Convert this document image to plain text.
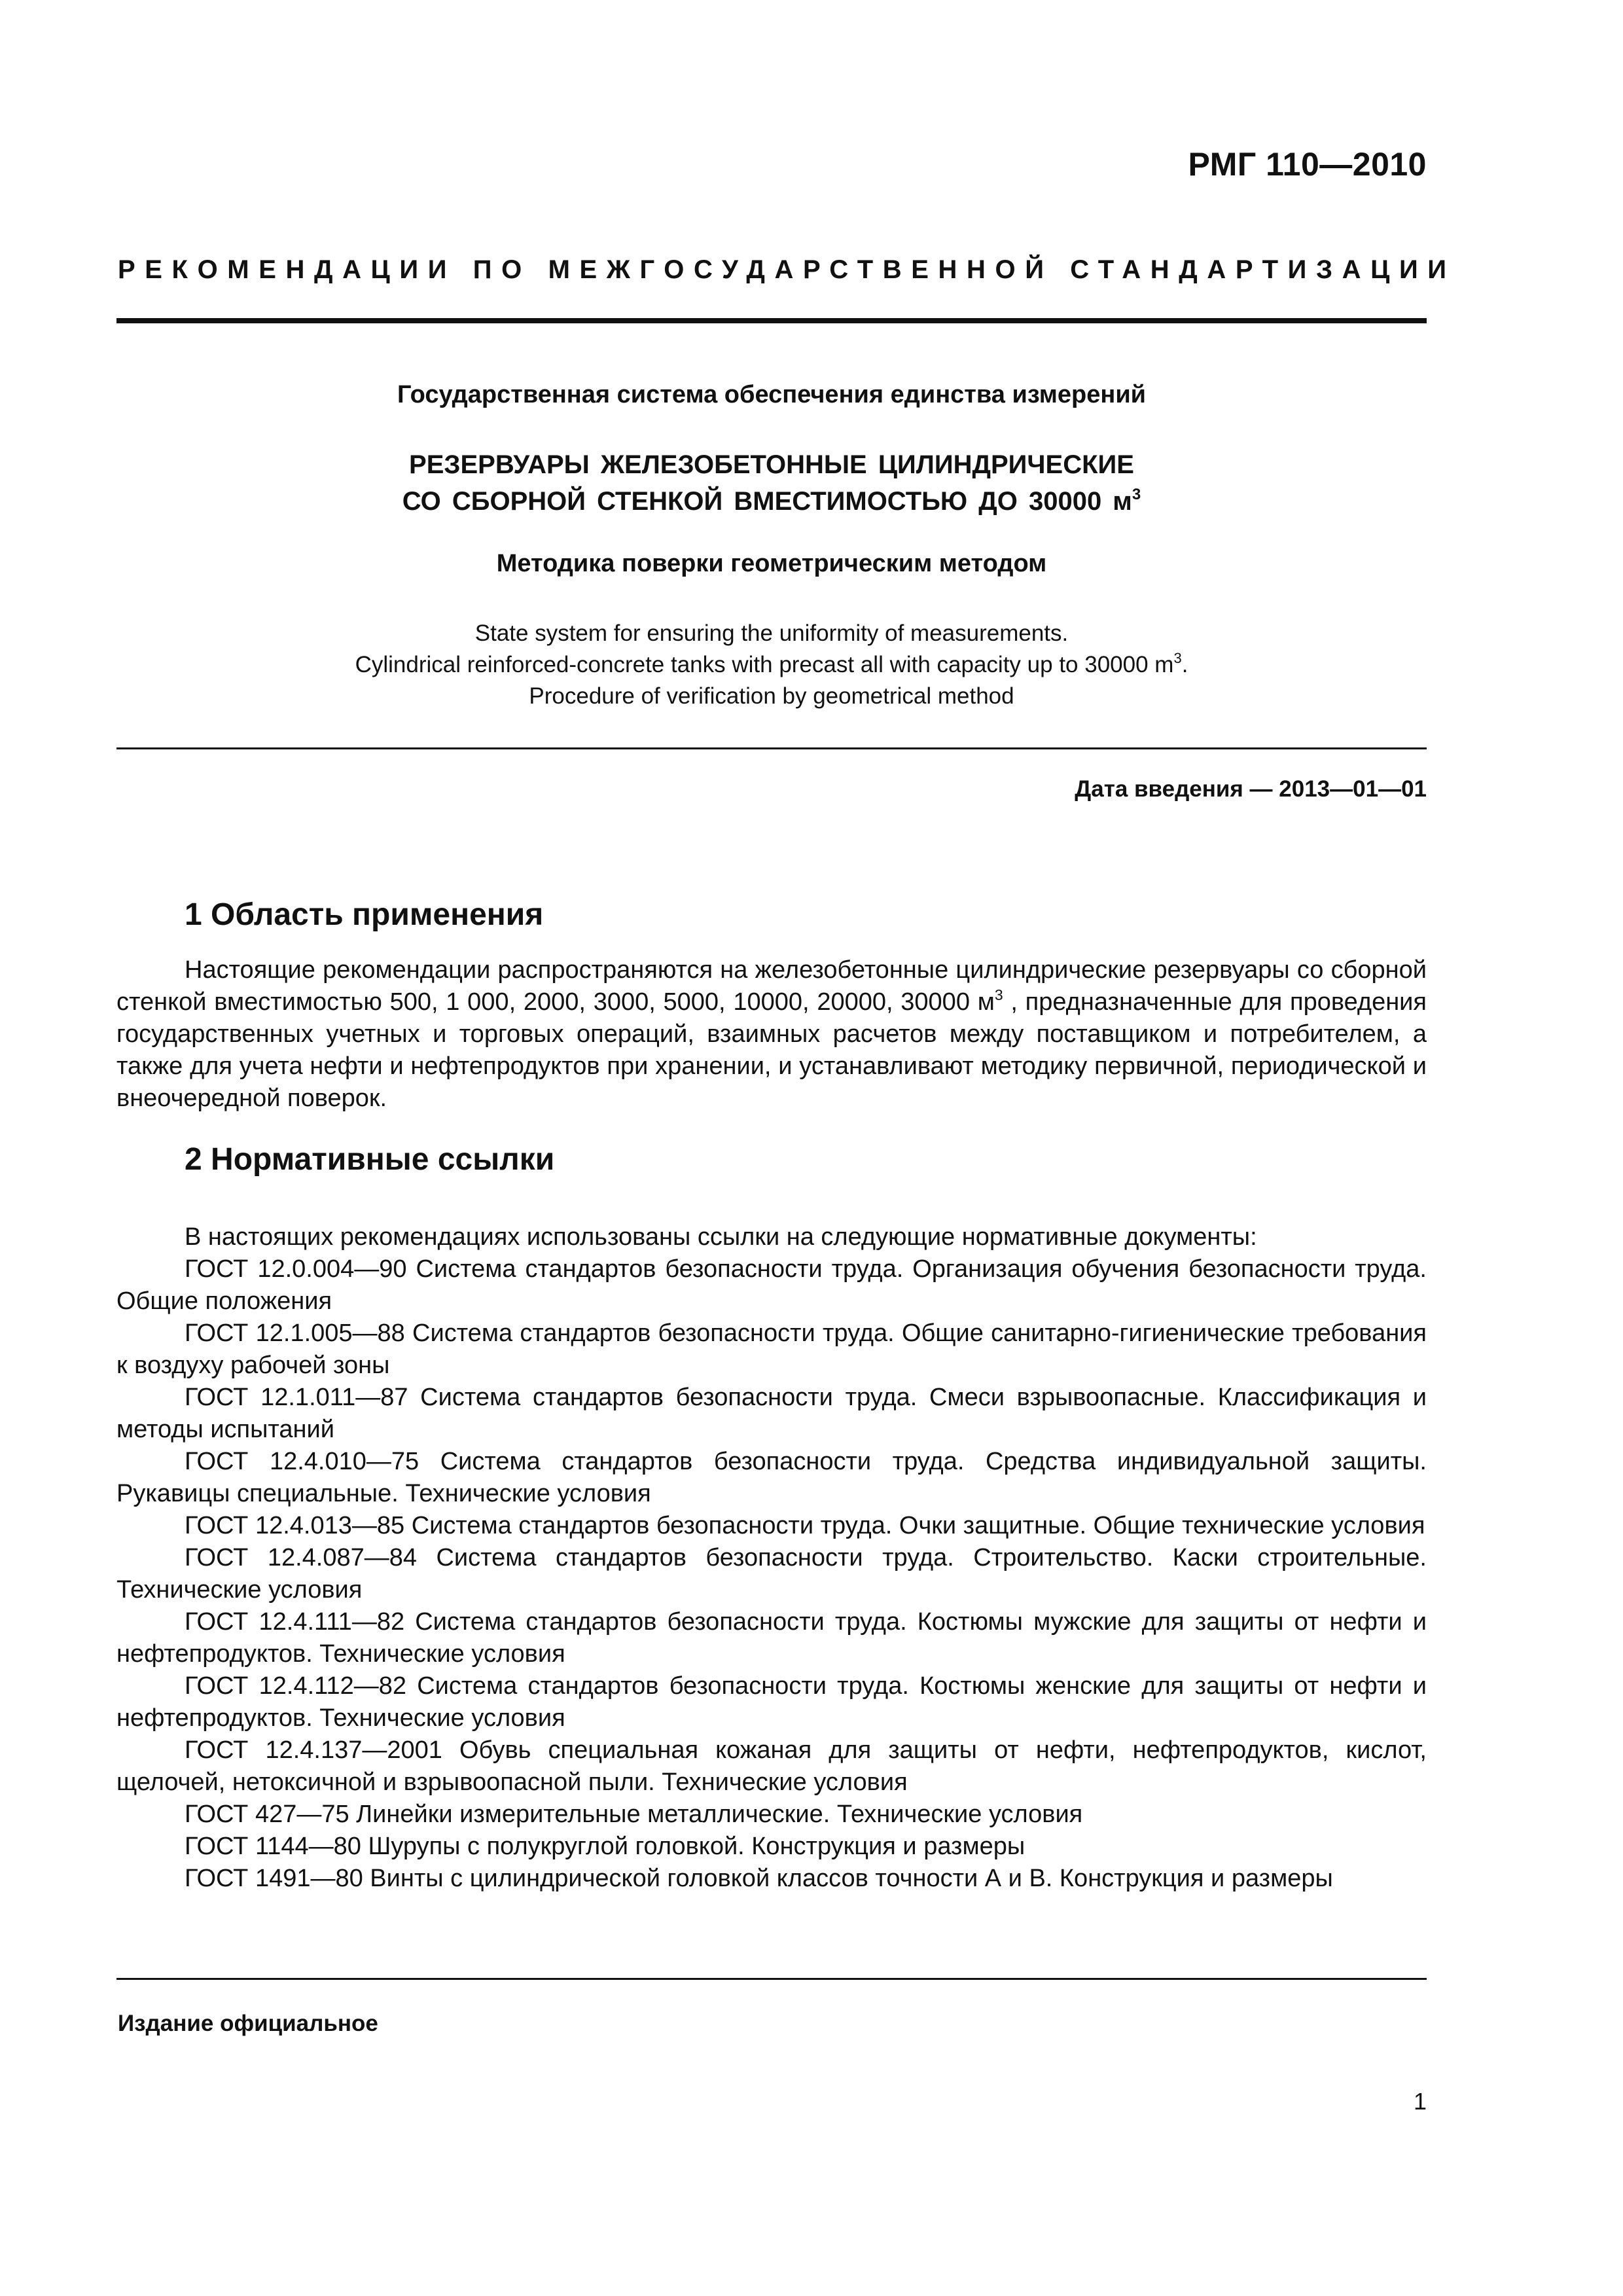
РМГ 110—2010
РЕКОМЕНДАЦИИ ПО МЕЖГОСУДАРСТВЕННОЙ СТАНДАРТИЗАЦИИ
Государственная система обеспечения единства измерений
РЕЗЕРВУАРЫ ЖЕЛЕЗОБЕТОННЫЕ ЦИЛИНДРИЧЕСКИЕ
СО СБОРНОЙ СТЕНКОЙ ВМЕСТИМОСТЬЮ ДО 30000 $м^3$
Методика поверки геометрическим методом
State system for ensuring the uniformity of measurements.
Cylindrical reinforced-concrete tanks with precast all with capacity up to 30000 $m^3$.
Procedure of verification by geometrical method
Дата введения — 2013—01—01
1 Область применения

Настоящие рекомендации распространяются на железобетонные цилиндрические резервуары со сборной стенкой вместимостью 500, 1 000, 2000, 3000, 5000, 10000, 20000, 30000 $м^3$ , предназначенные для проведения государственных учетных и торговых операций, взаимных расчетов между поставщиком и потребителем, а также для учета нефти и нефтепродуктов при хранении, и устанавливают методику первичной, периодической и внеочередной поверок.

2 Нормативные ссылки

В настоящих рекомендациях использованы ссылки на следующие нормативные документы:

ГОСТ 12.0.004—90 Система стандартов безопасности труда. Организация обучения безопасности труда. Общие положения

ГОСТ 12.1.005—88 Система стандартов безопасности труда. Общие санитарно-гигиенические требования к воздуху рабочей зоны

ГОСТ 12.1.011—87 Система стандартов безопасности труда. Смеси взрывоопасные. Классификация и методы испытаний

ГОСТ 12.4.010—75 Система стандартов безопасности труда. Средства индивидуальной защиты. Рукавицы специальные. Технические условия

ГОСТ 12.4.013—85 Система стандартов безопасности труда. Очки защитные. Общие технические условия

ГОСТ 12.4.087—84 Система стандартов безопасности труда. Строительство. Каски строительные. Технические условия

ГОСТ 12.4.111—82 Система стандартов безопасности труда. Костюмы мужские для защиты от нефти и нефтепродуктов. Технические условия

ГОСТ 12.4.112—82 Система стандартов безопасности труда. Костюмы женские для защиты от нефти и нефтепродуктов. Технические условия

ГОСТ 12.4.137—2001 Обувь специальная кожаная для защиты от нефти, нефтепродуктов, кислот, щелочей, нетоксичной и взрывоопасной пыли. Технические условия

ГОСТ 427—75 Линейки измерительные металлические. Технические условия

ГОСТ 1144—80 Шурупы с полукруглой головкой. Конструкция и размеры

ГОСТ 1491—80 Винты с цилиндрической головкой классов точности А и В. Конструкция и размеры

Издание официальное
1
